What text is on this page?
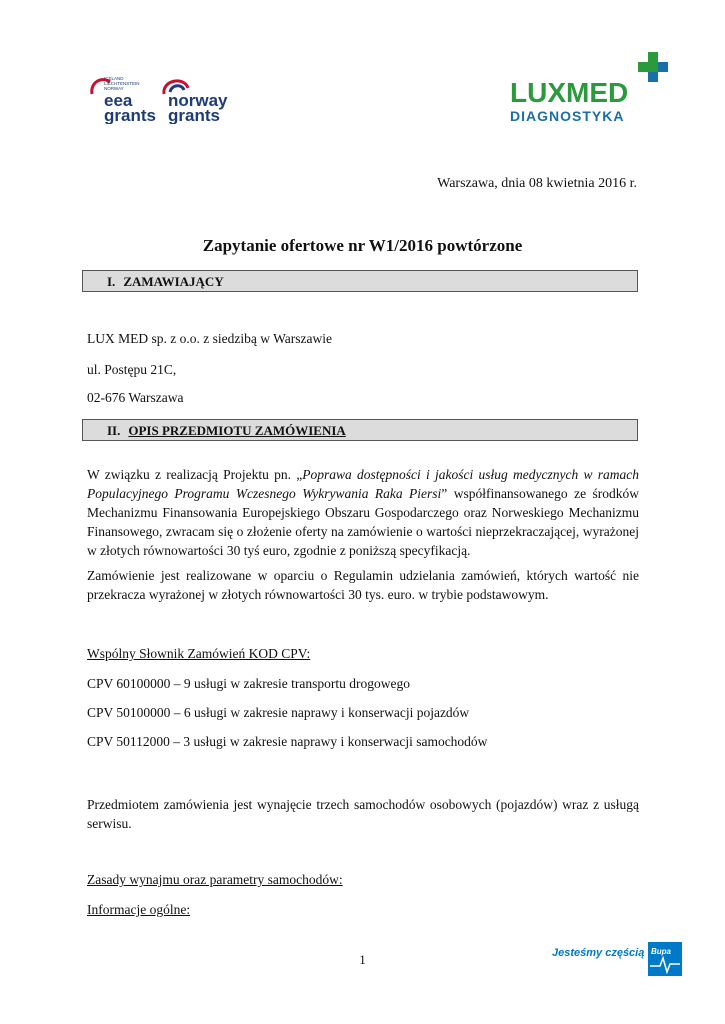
ICELAND
LIECHTENSTEIN
NORWAY
eea
grants
norway
grants
LUXMED
DIAGNOSTYKA
Warszawa, dnia 08 kwietnia 2016 r.
Zapytanie ofertowe nr W1/2016 powtórzone
I. ZAMAWIAJĄCY
LUX MED sp. z o.o. z siedzibą w Warszawie
ul. Postępu 21C,
02-676 Warszawa
II. OPIS PRZEDMIOTU ZAMÓWIENIA
W związku z realizacją Projektu pn. „Poprawa dostępności i jakości usług medycznych w ramach Populacyjnego Programu Wczesnego Wykrywania Raka Piersi” współfinansowanego ze środków Mechanizmu Finansowania Europejskiego Obszaru Gospodarczego oraz Norweskiego Mechanizmu Finansowego, zwracam się o złożenie oferty na zamówienie o wartości nieprzekraczającej, wyrażonej w złotych równowartości 30 tyś euro, zgodnie z poniższą specyfikacją.
Zamówienie jest realizowane w oparciu o Regulamin udzielania zamówień, których wartość nie przekracza wyrażonej w złotych równowartości 30 tys. euro. w trybie podstawowym.
Wspólny Słownik Zamówień KOD CPV:
CPV 60100000 – 9 usługi w zakresie transportu drogowego
CPV 50100000 – 6 usługi w zakresie naprawy i konserwacji pojazdów
CPV 50112000 – 3 usługi w zakresie naprawy i konserwacji samochodów
Przedmiotem zamówienia jest wynajęcie trzech samochodów osobowych (pojazdów) wraz z usługą serwisu.
Zasady wynajmu oraz parametry samochodów:
Informacje ogólne:
1	Jesteśmy częścią Bupa
